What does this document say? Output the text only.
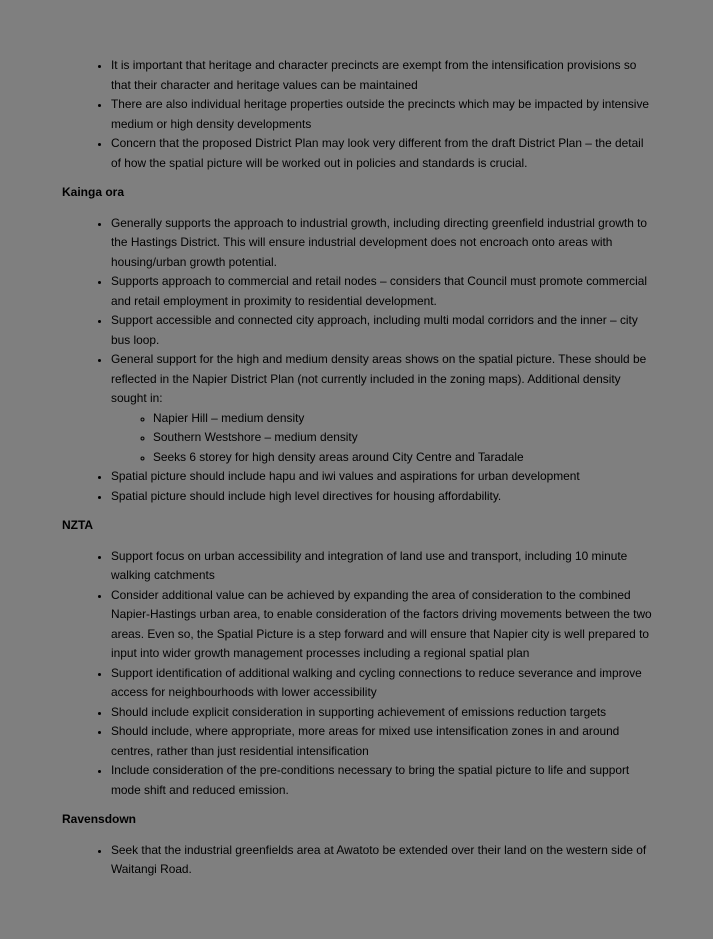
• It is important that heritage and character precincts are exempt from the intensification provisions so that their character and heritage values can be maintained
• There are also individual heritage properties outside the precincts which may be impacted by intensive medium or high density developments
• Concern that the proposed District Plan may look very different from the draft District Plan – the detail of how the spatial picture will be worked out in policies and standards is crucial.
Kainga ora
• Generally supports the approach to industrial growth, including directing greenfield industrial growth to the Hastings District. This will ensure industrial development does not encroach onto areas with housing/urban growth potential.
• Supports approach to commercial and retail nodes – considers that Council must promote commercial and retail employment in proximity to residential development.
• Support accessible and connected city approach, including multi modal corridors and the inner – city bus loop.
• General support for the high and medium density areas shows on the spatial picture. These should be reflected in the Napier District Plan (not currently included in the zoning maps). Additional density sought in:
◦ Napier Hill – medium density
◦ Southern Westshore – medium density
◦ Seeks 6 storey for high density areas around City Centre and Taradale
• Spatial picture should include hapu and iwi values and aspirations for urban development
• Spatial picture should include high level directives for housing affordability.
NZTA
• Support focus on urban accessibility and integration of land use and transport, including 10 minute walking catchments
• Consider additional value can be achieved by expanding the area of consideration to the combined Napier-Hastings urban area, to enable consideration of the factors driving movements between the two areas. Even so, the Spatial Picture is a step forward and will ensure that Napier city is well prepared to input into wider growth management processes including a regional spatial plan
• Support identification of additional walking and cycling connections to reduce severance and improve access for neighbourhoods with lower accessibility
• Should include explicit consideration in supporting achievement of emissions reduction targets
• Should include, where appropriate, more areas for mixed use intensification zones in and around centres, rather than just residential intensification
• Include consideration of the pre-conditions necessary to bring the spatial picture to life and support mode shift and reduced emission.
Ravensdown
• Seek that the industrial greenfields area at Awatoto be extended over their land on the western side of Waitangi Road.
